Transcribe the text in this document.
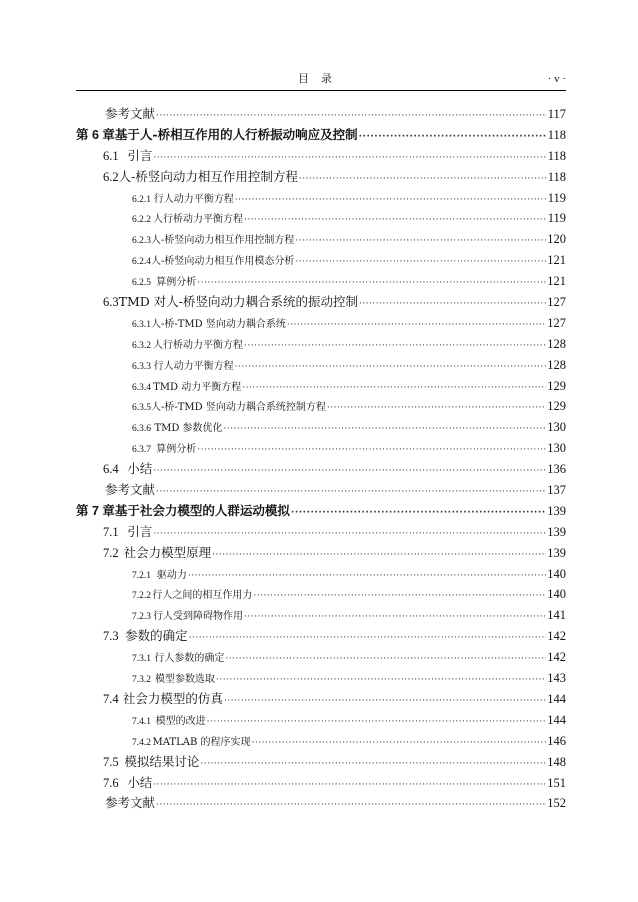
目录	· v ·
参考文献 ·····	117
第 6 章 基于人-桥相互作用的人行桥振动响应及控制 ·····	118
6.1 引言 ·····	118
6.2 人-桥竖向动力相互作用控制方程 ·····	118
6.2.1 行人动力平衡方程 ·····	119
6.2.2 人行桥动力平衡方程 ·····	119
6.2.3 人-桥竖向动力相互作用控制方程 ·····	120
6.2.4 人-桥竖向动力相互作用模态分析 ·····	121
6.2.5 算例分析 ·····	121
6.3 TMD 对人-桥竖向动力耦合系统的振动控制 ·····	127
6.3.1 人-桥-TMD 竖向动力耦合系统 ·····	127
6.3.2 人行桥动力平衡方程 ·····	128
6.3.3 行人动力平衡方程 ·····	128
6.3.4 TMD 动力平衡方程 ·····	129
6.3.5 人-桥-TMD 竖向动力耦合系统控制方程 ·····	129
6.3.6 TMD 参数优化 ·····	130
6.3.7 算例分析 ·····	130
6.4 小结 ·····	136
参考文献 ·····	137
第 7 章 基于社会力模型的人群运动模拟 ·····	139
7.1 引言 ·····	139
7.2 社会力模型原理 ·····	139
7.2.1 驱动力 ·····	140
7.2.2 行人之间的相互作用力 ·····	140
7.2.3 行人受到障碍物作用 ·····	141
7.3 参数的确定 ·····	142
7.3.1 行人参数的确定 ·····	142
7.3.2 模型参数选取 ·····	143
7.4 社会力模型的仿真 ·····	144
7.4.1 模型的改进 ·····	144
7.4.2 MATLAB 的程序实现 ·····	146
7.5 模拟结果讨论 ·····	148
7.6 小结 ·····	151
参考文献 ·····	152
